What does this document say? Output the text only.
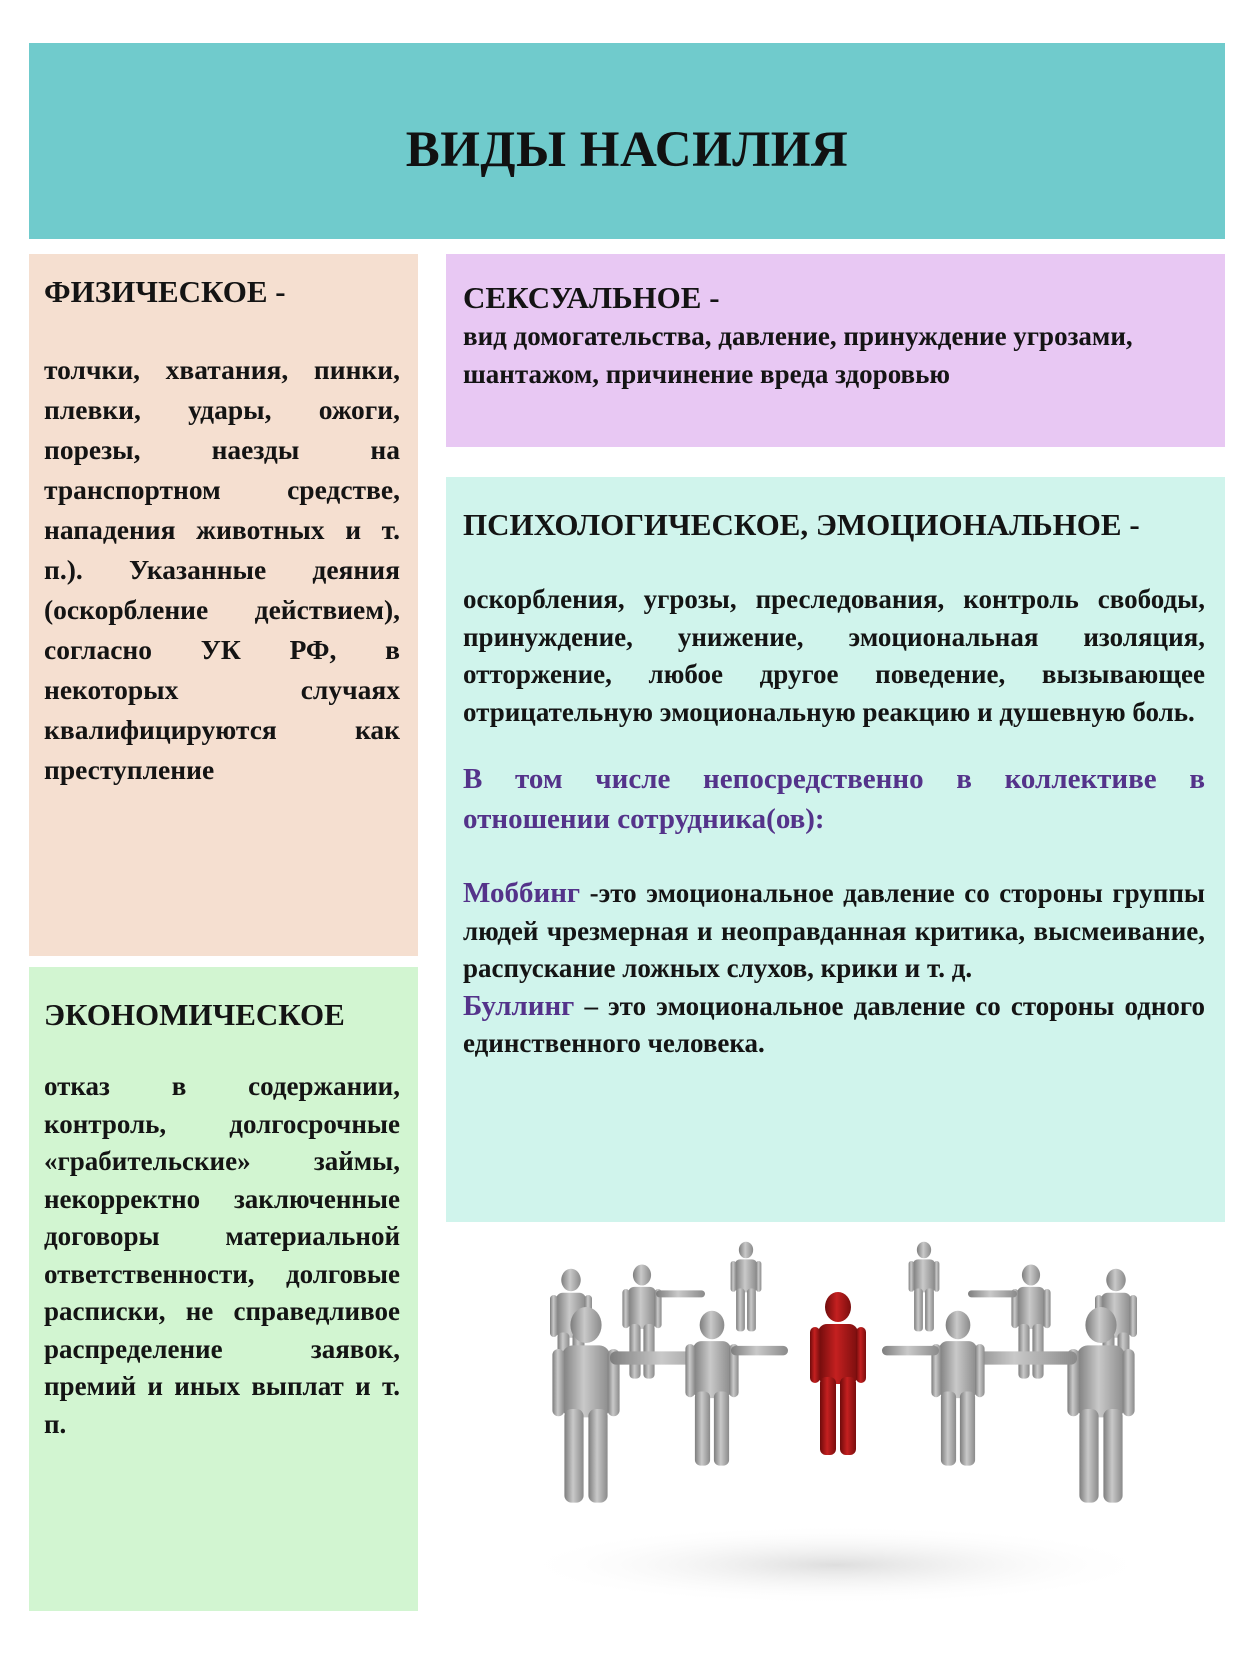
ВИДЫ НАСИЛИЯ

ФИЗИЧЕСКОЕ -

толчки, хватания, пинки, плевки, удары, ожоги, порезы, наезды на транспортном средстве, нападения животных и т. п.). Указанные деяния (оскорбление действием), согласно УК РФ, в некоторых случаях квалифицируются как преступление

ЭКОНОМИЧЕСКОЕ

отказ в содержании, контроль, долгосрочные «грабительские» займы, некорректно заключенные договоры материальной ответственности, долговые расписки, не справедливое распределение заявок, премий и иных выплат и т. п.

СЕКСУАЛЬНОЕ -

вид домогательства, давление, принуждение угрозами, шантажом, причинение вреда здоровью

ПСИХОЛОГИЧЕСКОЕ, ЭМОЦИОНАЛЬНОЕ -

оскорбления, угрозы, преследования, контроль свободы, принуждение, унижение, эмоциональная изоляция, отторжение, любое другое поведение, вызывающее отрицательную эмоциональную реакцию и душевную боль.

В том числе непосредственно в коллективе в отношении сотрудника(ов):

Моббинг -это эмоциональное давление со стороны группы людей чрезмерная и неоправданная критика, высмеивание, распускание ложных слухов, крики и т. д.

Буллинг – это эмоциональное давление со стороны одного единственного человека.
